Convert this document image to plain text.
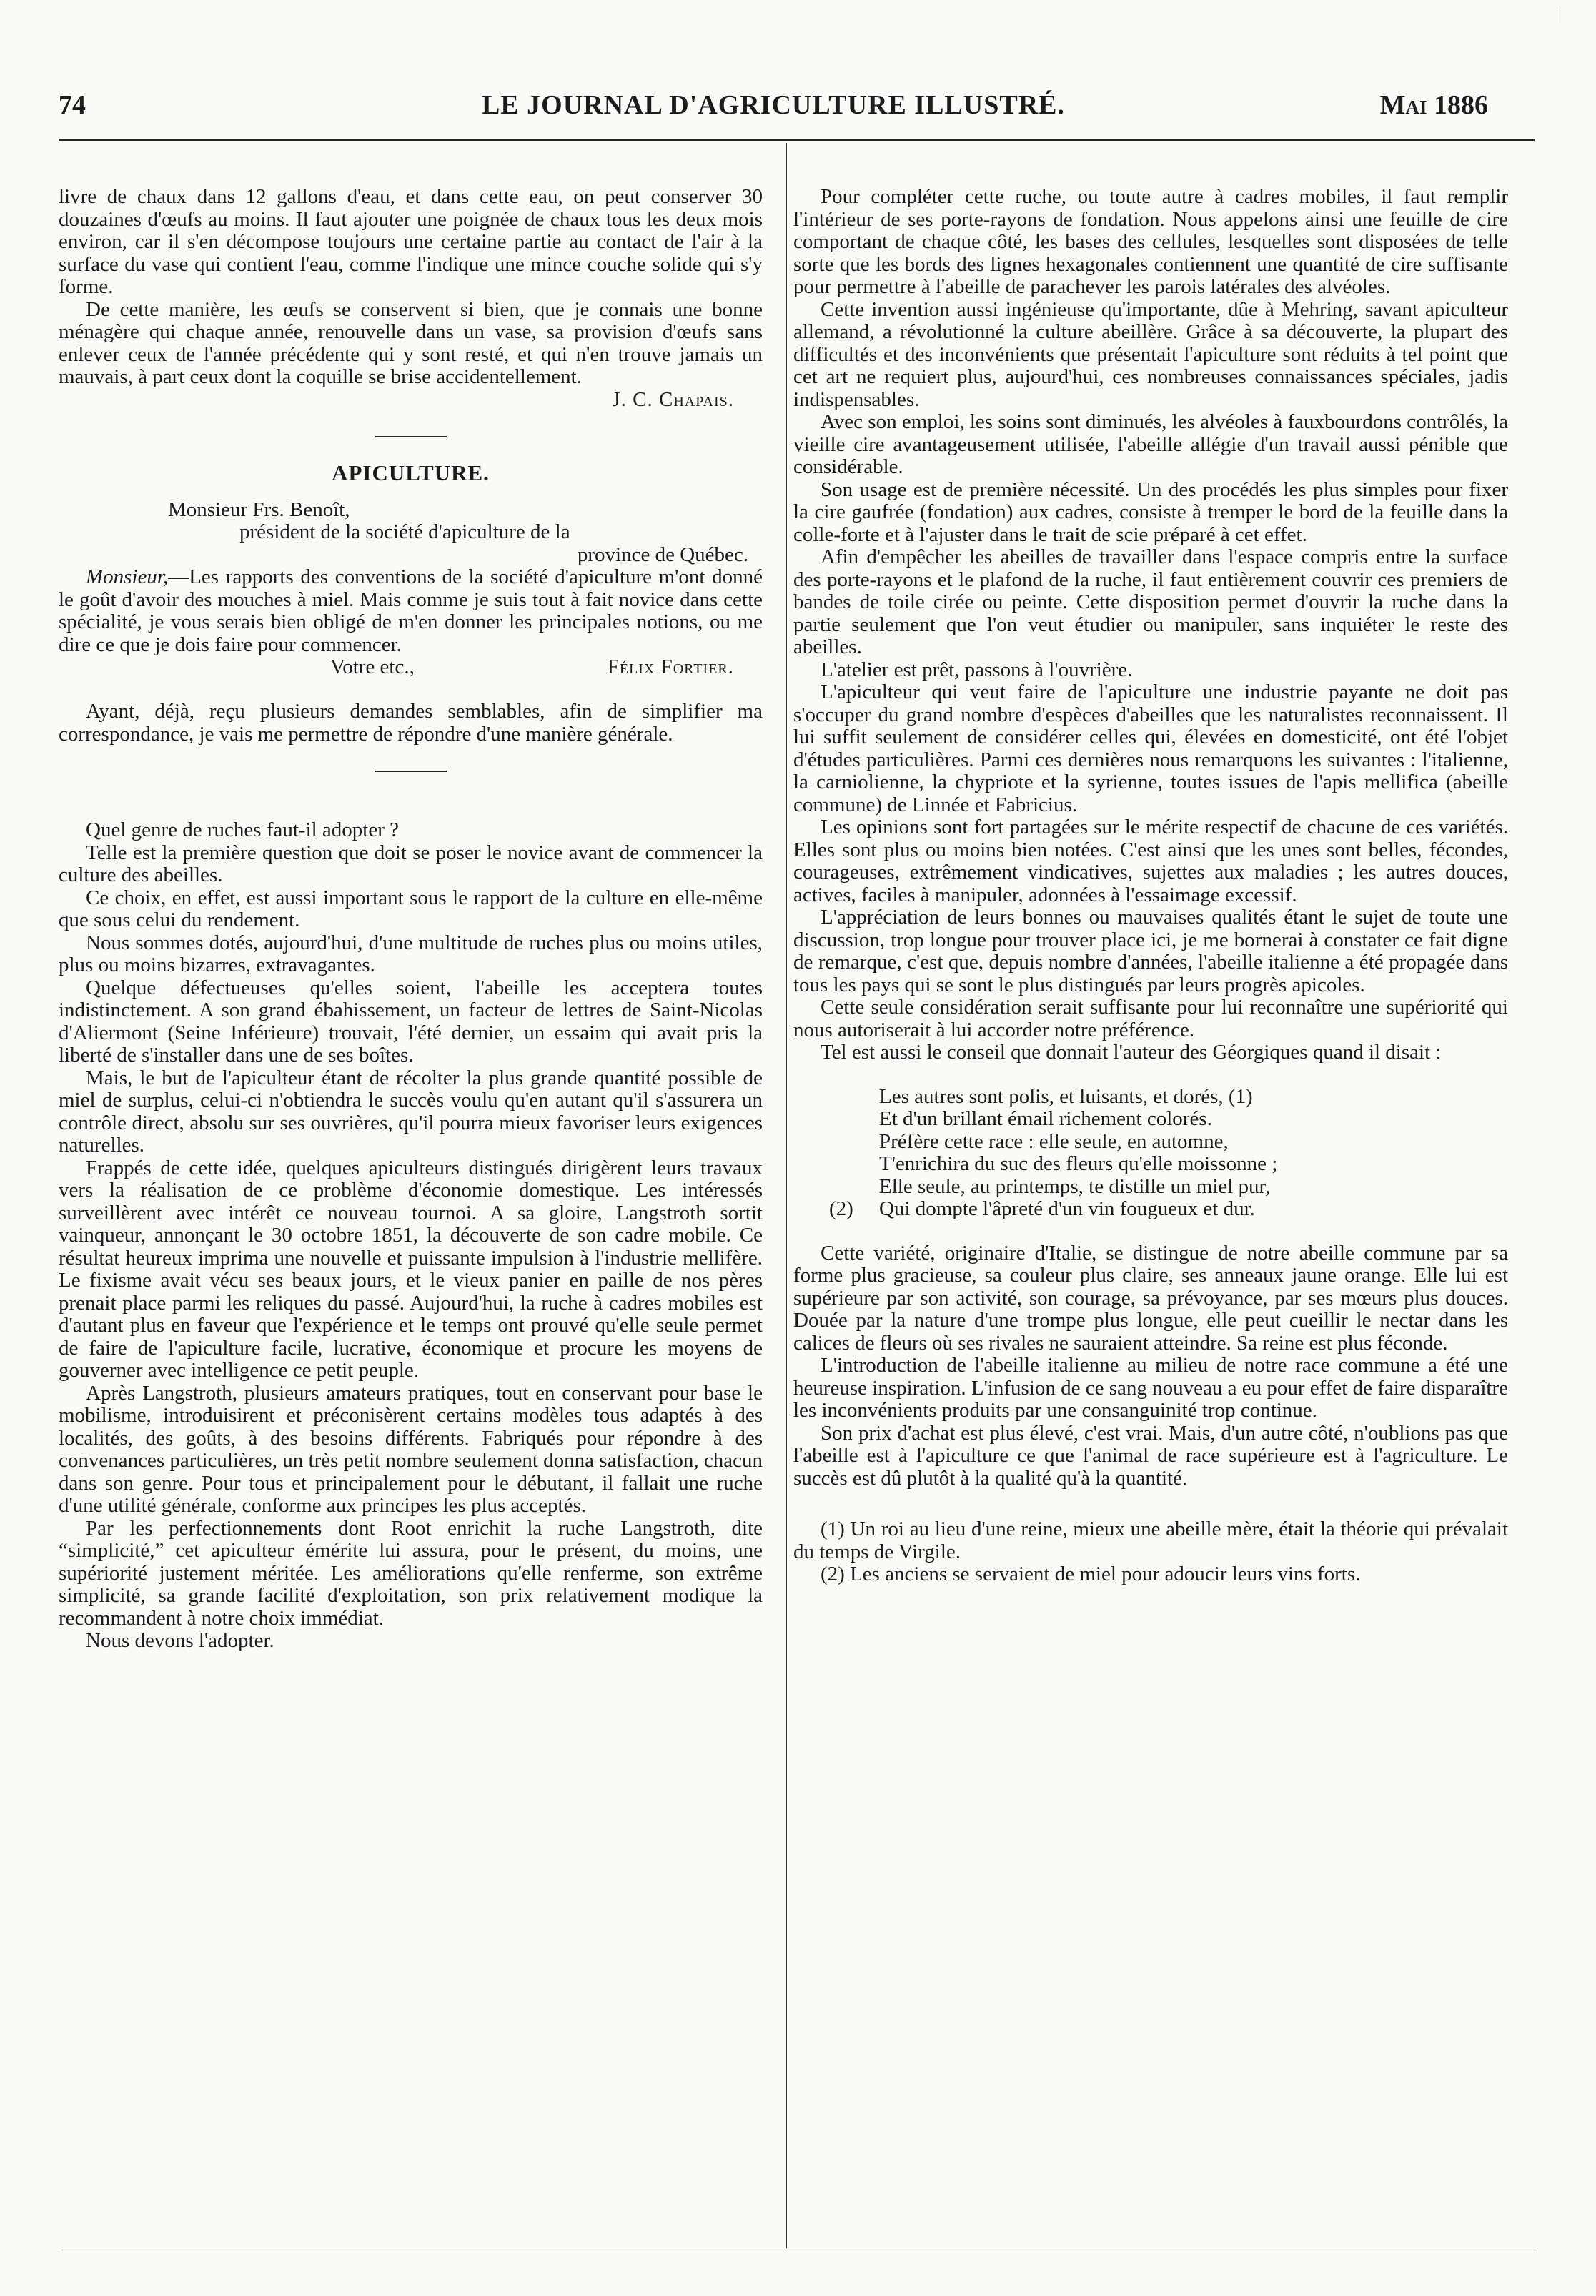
74	LE JOURNAL D'AGRICULTURE ILLUSTRÉ.	Mai 1886

livre de chaux dans 12 gallons d'eau, et dans cette eau, on peut conserver 30 douzaines d'œufs au moins. Il faut ajouter une poignée de chaux tous les deux mois environ, car il s'en décompose toujours une certaine partie au contact de l'air à la surface du vase qui contient l'eau, comme l'indique une mince couche solide qui s'y forme.

De cette manière, les œufs se conservent si bien, que je connais une bonne ménagère qui chaque année, renouvelle dans un vase, sa provision d'œufs sans enlever ceux de l'année précédente qui y sont resté, et qui n'en trouve jamais un mauvais, à part ceux dont la coquille se brise accidentellement.

J. C. Chapais.

APICULTURE.

Monsieur Frs. Benoît,

président de la société d'apiculture de la

province de Québec.

Monsieur,—Les rapports des conventions de la société d'apiculture m'ont donné le goût d'avoir des mouches à miel. Mais comme je suis tout à fait novice dans cette spécialité, je vous serais bien obligé de m'en donner les principales notions, ou me dire ce que je dois faire pour commencer.

Votre etc.,	Félix Fortier.

Ayant, déjà, reçu plusieurs demandes semblables, afin de simplifier ma correspondance, je vais me permettre de répondre d'une manière générale.

Quel genre de ruches faut-il adopter ?

Telle est la première question que doit se poser le novice avant de commencer la culture des abeilles.

Ce choix, en effet, est aussi important sous le rapport de la culture en elle-même que sous celui du rendement.

Nous sommes dotés, aujourd'hui, d'une multitude de ruches plus ou moins utiles, plus ou moins bizarres, extravagantes.

Quelque défectueuses qu'elles soient, l'abeille les acceptera toutes indistinctement. A son grand ébahissement, un facteur de lettres de Saint-Nicolas d'Aliermont (Seine Inférieure) trouvait, l'été dernier, un essaim qui avait pris la liberté de s'installer dans une de ses boîtes.

Mais, le but de l'apiculteur étant de récolter la plus grande quantité possible de miel de surplus, celui-ci n'obtiendra le succès voulu qu'en autant qu'il s'assurera un contrôle direct, absolu sur ses ouvrières, qu'il pourra mieux favoriser leurs exigences naturelles.

Frappés de cette idée, quelques apiculteurs distingués dirigèrent leurs travaux vers la réalisation de ce problème d'économie domestique. Les intéressés surveillèrent avec intérêt ce nouveau tournoi. A sa gloire, Langstroth sortit vainqueur, annonçant le 30 octobre 1851, la découverte de son cadre mobile. Ce résultat heureux imprima une nouvelle et puissante impulsion à l'industrie mellifère. Le fixisme avait vécu ses beaux jours, et le vieux panier en paille de nos pères prenait place parmi les reliques du passé. Aujourd'hui, la ruche à cadres mobiles est d'autant plus en faveur que l'expérience et le temps ont prouvé qu'elle seule permet de faire de l'apiculture facile, lucrative, économique et procure les moyens de gouverner avec intelligence ce petit peuple.

Après Langstroth, plusieurs amateurs pratiques, tout en conservant pour base le mobilisme, introduisirent et préconisèrent certains modèles tous adaptés à des localités, des goûts, à des besoins différents. Fabriqués pour répondre à des convenances particulières, un très petit nombre seulement donna satisfaction, chacun dans son genre. Pour tous et principalement pour le débutant, il fallait une ruche d'une utilité générale, conforme aux principes les plus acceptés.

Par les perfectionnements dont Root enrichit la ruche Langstroth, dite “simplicité,” cet apiculteur émérite lui assura, pour le présent, du moins, une supériorité justement méritée. Les améliorations qu'elle renferme, son extrême simplicité, sa grande facilité d'exploitation, son prix relativement modique la recommandent à notre choix immédiat.

Nous devons l'adopter.

Pour compléter cette ruche, ou toute autre à cadres mobiles, il faut remplir l'intérieur de ses porte-rayons de fondation. Nous appelons ainsi une feuille de cire comportant de chaque côté, les bases des cellules, lesquelles sont disposées de telle sorte que les bords des lignes hexagonales contiennent une quantité de cire suffisante pour permettre à l'abeille de parachever les parois latérales des alvéoles.

Cette invention aussi ingénieuse qu'importante, dûe à Mehring, savant apiculteur allemand, a révolutionné la culture abeillère. Grâce à sa découverte, la plupart des difficultés et des inconvénients que présentait l'apiculture sont réduits à tel point que cet art ne requiert plus, aujourd'hui, ces nombreuses connaissances spéciales, jadis indispensables.

Avec son emploi, les soins sont diminués, les alvéoles à fauxbourdons contrôlés, la vieille cire avantageusement utilisée, l'abeille allégie d'un travail aussi pénible que considérable.

Son usage est de première nécessité. Un des procédés les plus simples pour fixer la cire gaufrée (fondation) aux cadres, consiste à tremper le bord de la feuille dans la colle-forte et à l'ajuster dans le trait de scie préparé à cet effet.

Afin d'empêcher les abeilles de travailler dans l'espace compris entre la surface des porte-rayons et le plafond de la ruche, il faut entièrement couvrir ces premiers de bandes de toile cirée ou peinte. Cette disposition permet d'ouvrir la ruche dans la partie seulement que l'on veut étudier ou manipuler, sans inquiéter le reste des abeilles.

L'atelier est prêt, passons à l'ouvrière.

L'apiculteur qui veut faire de l'apiculture une industrie payante ne doit pas s'occuper du grand nombre d'espèces d'abeilles que les naturalistes reconnaissent. Il lui suffit seulement de considérer celles qui, élevées en domesticité, ont été l'objet d'études particulières. Parmi ces dernières nous remarquons les suivantes : l'italienne, la carniolienne, la chypriote et la syrienne, toutes issues de l'apis mellifica (abeille commune) de Linnée et Fabricius.

Les opinions sont fort partagées sur le mérite respectif de chacune de ces variétés. Elles sont plus ou moins bien notées. C'est ainsi que les unes sont belles, fécondes, courageuses, extrêmement vindicatives, sujettes aux maladies ; les autres douces, actives, faciles à manipuler, adonnées à l'essaimage excessif.

L'appréciation de leurs bonnes ou mauvaises qualités étant le sujet de toute une discussion, trop longue pour trouver place ici, je me bornerai à constater ce fait digne de remarque, c'est que, depuis nombre d'années, l'abeille italienne a été propagée dans tous les pays qui se sont le plus distingués par leurs progrès apicoles.

Cette seule considération serait suffisante pour lui reconnaître une supériorité qui nous autoriserait à lui accorder notre préférence.

Tel est aussi le conseil que donnait l'auteur des Géorgiques quand il disait :

Les autres sont polis, et luisants, et dorés, (1)
Et d'un brillant émail richement colorés.
Préfère cette race : elle seule, en automne,
T'enrichira du suc des fleurs qu'elle moissonne ;
Elle seule, au printemps, te distille un miel pur,
(2) Qui dompte l'âpreté d'un vin fougueux et dur.

Cette variété, originaire d'Italie, se distingue de notre abeille commune par sa forme plus gracieuse, sa couleur plus claire, ses anneaux jaune orange. Elle lui est supérieure par son activité, son courage, sa prévoyance, par ses mœurs plus douces. Douée par la nature d'une trompe plus longue, elle peut cueillir le nectar dans les calices de fleurs où ses rivales ne sauraient atteindre. Sa reine est plus féconde.

L'introduction de l'abeille italienne au milieu de notre race commune a été une heureuse inspiration. L'infusion de ce sang nouveau a eu pour effet de faire disparaître les inconvénients produits par une consanguinité trop continue.

Son prix d'achat est plus élevé, c'est vrai. Mais, d'un autre côté, n'oublions pas que l'abeille est à l'apiculture ce que l'animal de race supérieure est à l'agriculture. Le succès est dû plutôt à la qualité qu'à la quantité.

(1) Un roi au lieu d'une reine, mieux une abeille mère, était la théorie qui prévalait du temps de Virgile.

(2) Les anciens se servaient de miel pour adoucir leurs vins forts.
